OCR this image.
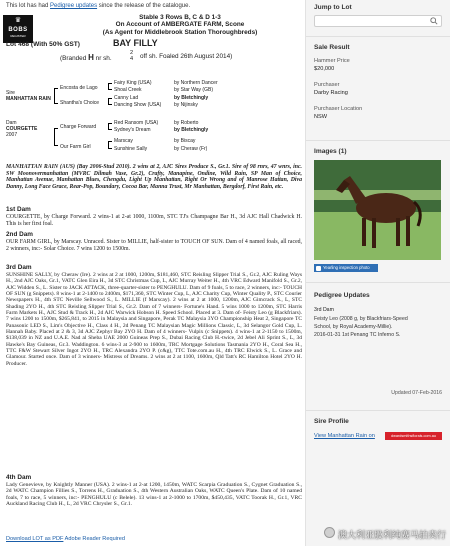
This lot has had Pedigree updates since the release of the catalogue.
♛
BOBS
REGISTER
Stable 3 Rows B, C & D 1-3
On Account of AMBERGATE FARM, Scone
(As Agent for Middlebrook Station Thoroughbreds)
Lot 468 (With 50% GST)	BAY FILLY
(Branded H nr sh.
2
4 off sh. Foaled 26th August 2014)
Sire
MANHATTAN RAIN
Dam
COURGETTE
2007
Encosta de Lago
Shantha's Choice
Charge Forward
Our Farm Girl
Fairy King (USA)
Shoal Creek
Canny Lad
Dancing Show (USA)
Red Ransom (USA)
Sydney's Dream
Marscay
Sunshine Sally
by Northern Dancer
by Star Way (GB)
by Bletchingly
by Nijinsky
by Roberto
by Bletchingly
by Biscay
by Cheraw (Fr)
MANHATTAN RAIN (AUS) (Bay 2006-Stud 2010). 2 wins at 2, AJC Sires Produce S., Gr.1. Sire of 98 rnrs, 47 wnrs, inc. SW Moonovermanhattan (MVRC Dilmah Vase, Gr.2), Crafty, Manapine, Ondine, Wild Rain, SP Man of Choice, Manhattan Avenue, Manhattan Blues, Chengdu, Light Up Manhattan, Right Or Wrong and of Manrose Hattan, Diva Danny, Long Face Grace, Rear-Pop, Boundary, Cocoa Bar, Manna Trust, Mr Manhattan, Bergdorf, First Rain, etc.
1st Dam
COURGETTE, by Charge Forward. 2 wins-1 at 2-at 1000, 1100m, STC TJ's Champagne Bar H., 3d AJC Hall Chadwick H. This is her first foal.
2nd Dam
OUR FARM GIRL, by Marscay. Unraced. Sister to MILLIE, half-sister to TOUCH OF SUN. Dam of 4 named foals, all raced, 2 winners, inc:- Solar Choice. 7 wins 1200 to 1500m.
3rd Dam
SUNSHINE SALLY, by Cheraw (Ire). 2 wins at 2 at 1000, 1200m, $181,460, STC Reisling Slipper Trial S., Gr.2, AJC Ruling Ways H., 2nd AJC Oaks, Gr.1, VATC Glen Eira H., 3d STC Christmas Cup, L, AJC Murray Weiter H., 4th VRC Edward Manifold S., Gr.2, AJC Widden S., L. Sister to JACK ATTACK, three-quarter-sister to PENGHULU. Dam of 9 foals, 5 to race, 2 winners, inc:- TOUCH OF SUN (g Snippets). 8 wins-1 at 2-1400 to 2400m, $171,360, STC Winter Cup, L, AJC Charity Cup, Winter Quality P., STC Courier Newspapers H., 4th STC Neville Sellwood S., L. MILLIE (f Marscay). 2 wins at 2 at 1000, 1200m, AJC Gimcrack S., L, STC Shading 2YO H., 4th STC Reisling Slipper Trial S., Gr.2. Dam of 7 winners- Fortune's Hand. 5 wins 1000 to 1200m, STC Harris Farm Markets H., AJC Stud & Track H., 2d AJC Warwick Hobson H. Speed School. Placed at 3. Dam of- Feisty Leo (g Blackfriars). 7 wins 1200 to 1500m, $265,841, to 2015 in Malaysia and Singapore, Perak TC Malaysia 3YO Championship Heat 2, Singapore TC Panasonic LED S., Lim's Objective H., Class 4 H., 2d Penang TC Malaysian Magic Millions Classic, L, 3d Selangor Gold Cup, L. Hannah Baby. Placed at 2 & 3, 3d AJC Zephyr Bay 2YO H. Dam of 4 winners- Vulpix (c Snippets). 4 wins-1 at 2-1150 to 1500m, $138,039 in NZ and U.A.E. Nad al Sheba UAE 2000 Guineas Prep S., Dubai Racing Club H.-twice, 2d Jebel Ali Sprint S., L, 3d Hawke's Bay Guineas, Gr.3. Waddington. 6 wins-3 at 2-900 to 1600m, TRC Mortgage Solutions Tasmania 2YO H., Coral Sea H., TTC F&W Stewart Silver Ingot 2YO H., TRC Alexandra 2YO P. (c&g), TTC Tote.com.au H., 4th TRC Elwick S., L. Grace and Glamour. Started once. Dam of 3 winners- Mistress of Dreams. 2 wins at 2 at 1100, 1600m, Qld Tatt's RC Hamilton Hotel 2YO H. Producer.
4th Dam
Lady Genevieve, by Knightly Manner (USA). 2 wins-1 at 2-at 1200, 1450m, WATC Scarpia Graduation S., Cygnet Graduation S., 2d WATC Champion Fillies S., Torrens H., Graduation S., 4th Western Australian Oaks, WATC Queen's Plate. Dam of 10 named foals, 7 to race, 5 winners, inc:- PENGHULU (c Belele). 13 wins-1 at 2-1000 to 1700m, $450,435, VATC Toorak H., Gr.1, VRC Auckland Racing Club H., L, 2d VRC Chrysler S., Gr.1.
Download LOT as PDF Adobe Reader Required
Jump to Lot
Sale Result
Hammer Price
$20,000
Purchaser
Darby Racing
Purchaser Location
NSW
Images (1)
Yearling inspection photo
Pedigree Updates
3rd Dam
Feisty Leo (2008 g, by Blackfriars-Speed
School, by Royal Academy-Millie).
2016-01-31 1st Penang TC Inferno S.
Updated 07-Feb-2016
Sire Profile
View Manhattan Rain on	dwardsmithsflorals.com.au
澳大利亚股利纯赛马拍卖行
